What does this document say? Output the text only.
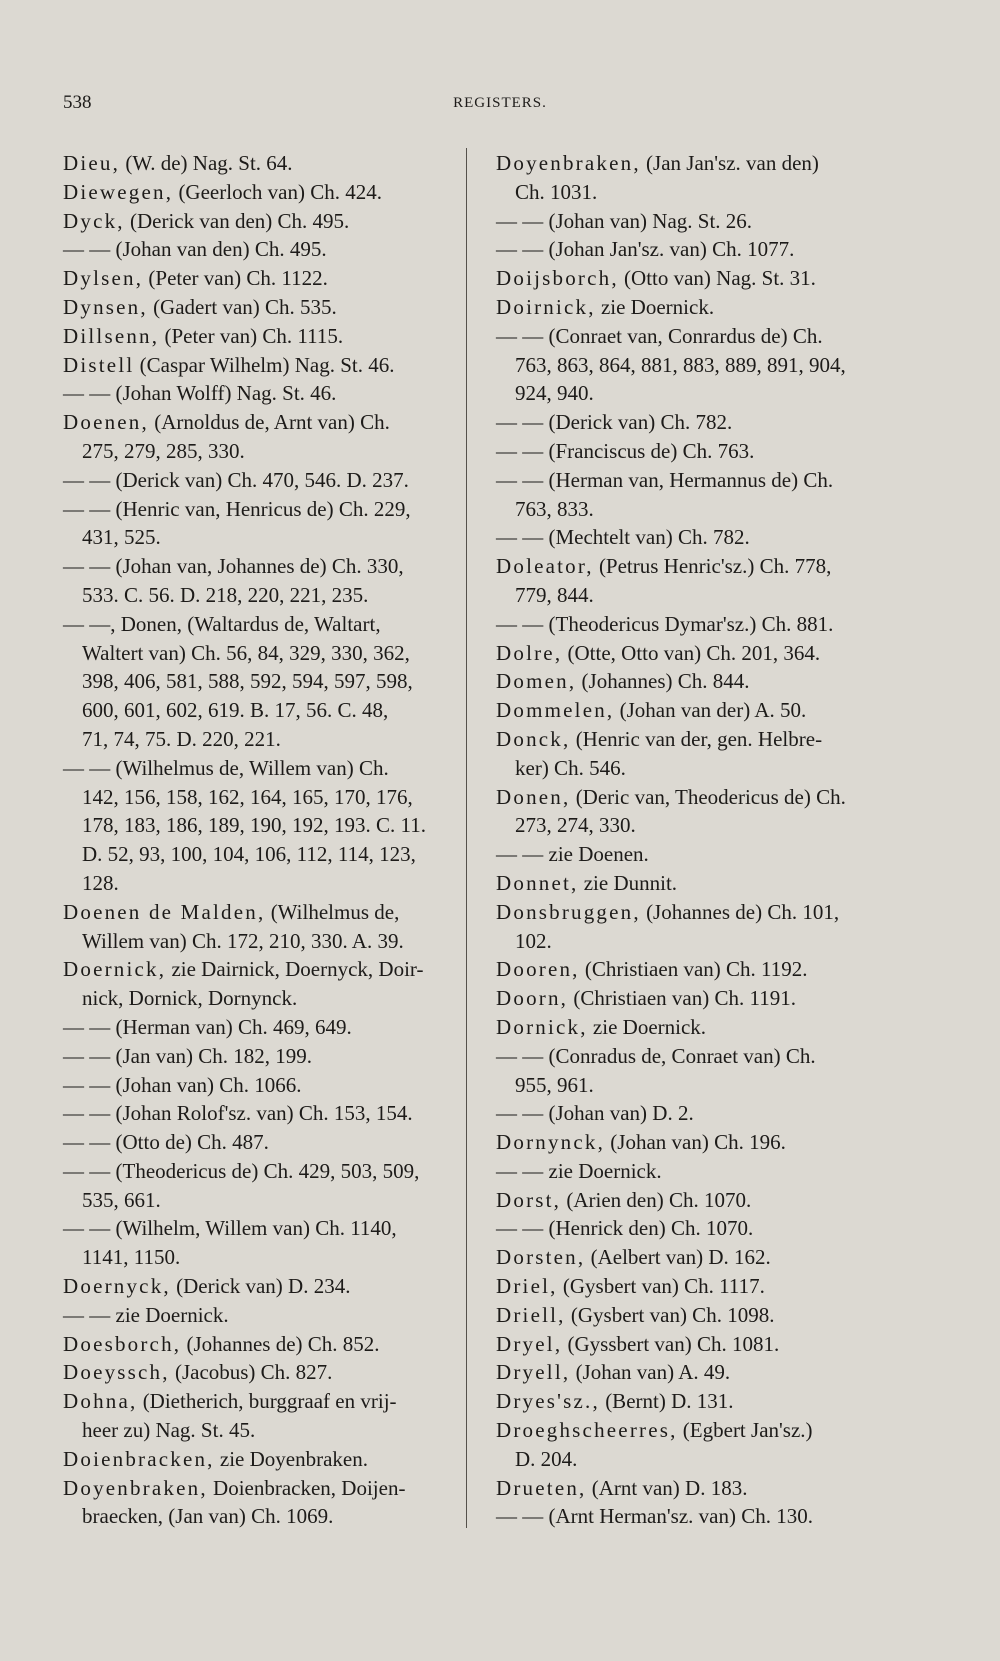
538	REGISTERS.
Dieu, (W. de) Nag. St. 64.
Diewegen, (Geerloch van) Ch. 424.
Dyck, (Derick van den) Ch. 495.
— — (Johan van den) Ch. 495.
Dylsen, (Peter van) Ch. 1122.
Dynsen, (Gadert van) Ch. 535.
Dillsenn, (Peter van) Ch. 1115.
Distell (Caspar Wilhelm) Nag. St. 46.
— — (Johan Wolff) Nag. St. 46.
Doenen, (Arnoldus de, Arnt van) Ch.
275, 279, 285, 330.
— — (Derick van) Ch. 470, 546. D. 237.
— — (Henric van, Henricus de) Ch. 229,
431, 525.
— — (Johan van, Johannes de) Ch. 330,
533. C. 56. D. 218, 220, 221, 235.
— —, Donen, (Waltardus de, Waltart,
Waltert van) Ch. 56, 84, 329, 330, 362,
398, 406, 581, 588, 592, 594, 597, 598,
600, 601, 602, 619. B. 17, 56. C. 48,
71, 74, 75. D. 220, 221.
— — (Wilhelmus de, Willem van) Ch.
142, 156, 158, 162, 164, 165, 170, 176,
178, 183, 186, 189, 190, 192, 193. C. 11.
D. 52, 93, 100, 104, 106, 112, 114, 123,
128.
Doenen de Malden, (Wilhelmus de,
Willem van) Ch. 172, 210, 330. A. 39.
Doernick, zie Dairnick, Doernyck, Doir-
nick, Dornick, Dornynck.
— — (Herman van) Ch. 469, 649.
— — (Jan van) Ch. 182, 199.
— — (Johan van) Ch. 1066.
— — (Johan Rolof'sz. van) Ch. 153, 154.
— — (Otto de) Ch. 487.
— — (Theodericus de) Ch. 429, 503, 509,
535, 661.
— — (Wilhelm, Willem van) Ch. 1140,
1141, 1150.
Doernyck, (Derick van) D. 234.
— — zie Doernick.
Doesborch, (Johannes de) Ch. 852.
Doeyssch, (Jacobus) Ch. 827.
Dohna, (Dietherich, burggraaf en vrij-
heer zu) Nag. St. 45.
Doienbracken, zie Doyenbraken.
Doyenbraken, Doienbracken, Doijen-
braecken, (Jan van) Ch. 1069.
Doyenbraken, (Jan Jan'sz. van den)
Ch. 1031.
— — (Johan van) Nag. St. 26.
— — (Johan Jan'sz. van) Ch. 1077.
Doijsborch, (Otto van) Nag. St. 31.
Doirnick, zie Doernick.
— — (Conraet van, Conrardus de) Ch.
763, 863, 864, 881, 883, 889, 891, 904,
924, 940.
— — (Derick van) Ch. 782.
— — (Franciscus de) Ch. 763.
— — (Herman van, Hermannus de) Ch.
763, 833.
— — (Mechtelt van) Ch. 782.
Doleator, (Petrus Henric'sz.) Ch. 778,
779, 844.
— — (Theodericus Dymar'sz.) Ch. 881.
Dolre, (Otte, Otto van) Ch. 201, 364.
Domen, (Johannes) Ch. 844.
Dommelen, (Johan van der) A. 50.
Donck, (Henric van der, gen. Helbre-
ker) Ch. 546.
Donen, (Deric van, Theodericus de) Ch.
273, 274, 330.
— — zie Doenen.
Donnet, zie Dunnit.
Donsbruggen, (Johannes de) Ch. 101,
102.
Dooren, (Christiaen van) Ch. 1192.
Doorn, (Christiaen van) Ch. 1191.
Dornick, zie Doernick.
— — (Conradus de, Conraet van) Ch.
955, 961.
— — (Johan van) D. 2.
Dornynck, (Johan van) Ch. 196.
— — zie Doernick.
Dorst, (Arien den) Ch. 1070.
— — (Henrick den) Ch. 1070.
Dorsten, (Aelbert van) D. 162.
Driel, (Gysbert van) Ch. 1117.
Driell, (Gysbert van) Ch. 1098.
Dryel, (Gyssbert van) Ch. 1081.
Dryell, (Johan van) A. 49.
Dryes'sz., (Bernt) D. 131.
Droeghscheerres, (Egbert Jan'sz.)
D. 204.
Drueten, (Arnt van) D. 183.
— — (Arnt Herman'sz. van) Ch. 130.
